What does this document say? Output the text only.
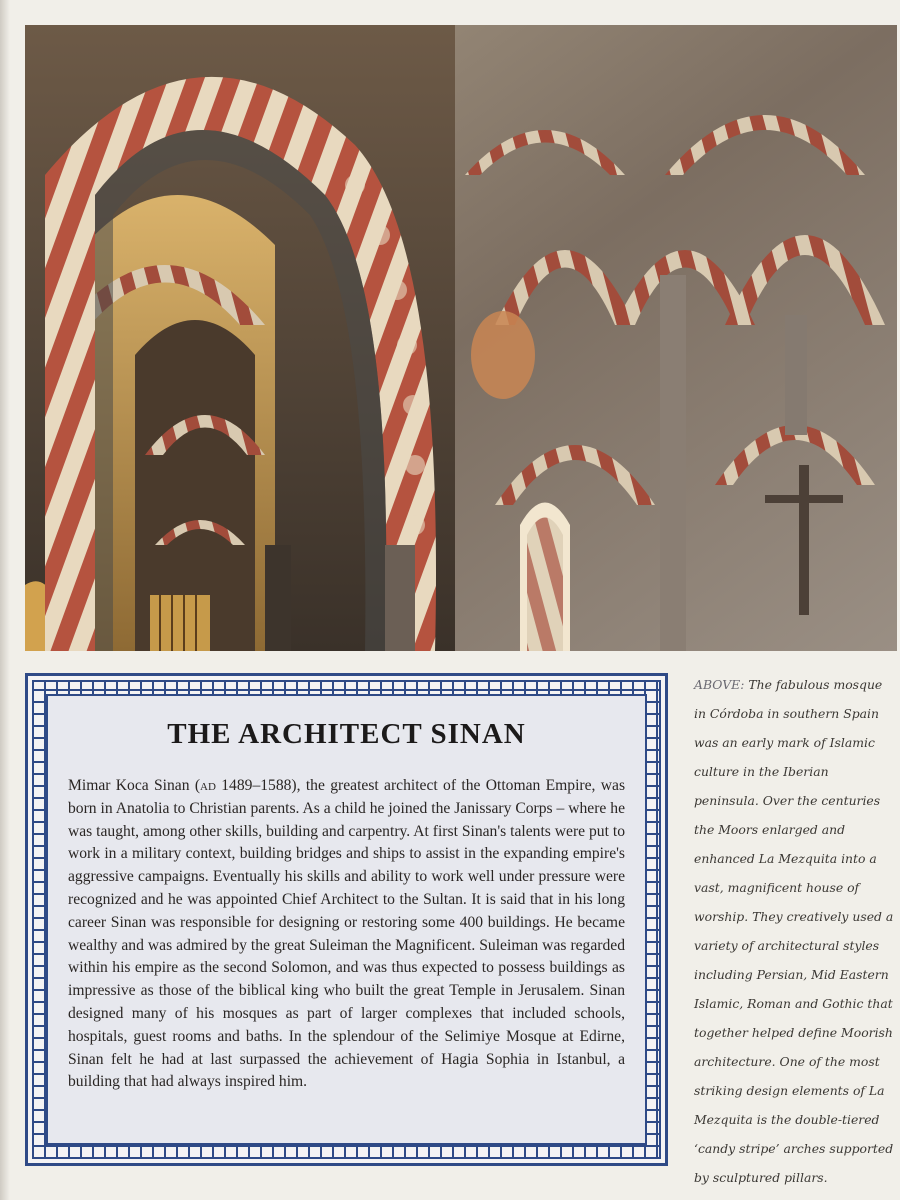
THE ARCHITECT SINAN

Mimar Koca Sinan (ad 1489–1588), the greatest architect of the Ottoman Empire, was born in Anatolia to Christian parents. As a child he joined the Janissary Corps – where he was taught, among other skills, building and carpentry. At first Sinan's talents were put to work in a military context, building bridges and ships to assist in the expanding empire's aggressive campaigns. Eventually his skills and ability to work well under pressure were recognized and he was appointed Chief Architect to the Sultan. It is said that in his long career Sinan was responsible for designing or restoring some 400 buildings. He became wealthy and was admired by the great Suleiman the Magnificent. Suleiman was regarded within his empire as the second Solomon, and was thus expected to possess buildings as impressive as those of the biblical king who built the great Temple in Jerusalem. Sinan designed many of his mosques as part of larger complexes that included schools, hospitals, guest rooms and baths. In the splendour of the Selimiye Mosque at Edirne, Sinan felt he had at last surpassed the achievement of Hagia Sophia in Istanbul, a building that had always inspired him.

ABOVE: The fabulous mosque in Córdoba in southern Spain was an early mark of Islamic culture in the Iberian peninsula. Over the centuries the Moors enlarged and enhanced La Mezquita into a vast, magnificent house of worship. They creatively used a variety of architectural styles including Persian, Mid Eastern Islamic, Roman and Gothic that together helped define Moorish architecture. One of the most striking design elements of La Mezquita is the double-tiered ‘candy stripe’ arches supported by sculptured pillars.
